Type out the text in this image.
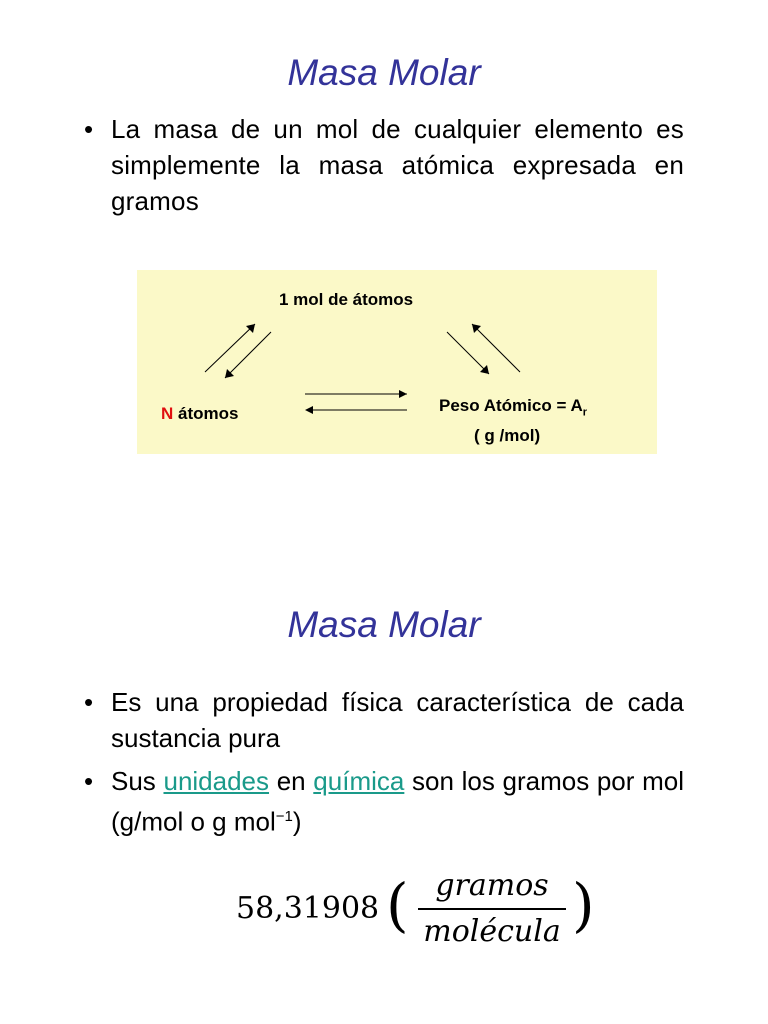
Masa Molar
• La masa de un mol de cualquier elemento es simplemente la masa atómica expresada en gramos
1 mol de átomos
N átomos	Peso Atómico = $A_r$
( g /mol)
Masa Molar
• Es una propiedad física característica de cada sustancia pura
• Sus unidades en química son los gramos por mol (g/mol o g mol$^{-1}$)
58,31908 ( gramos
molécula )
